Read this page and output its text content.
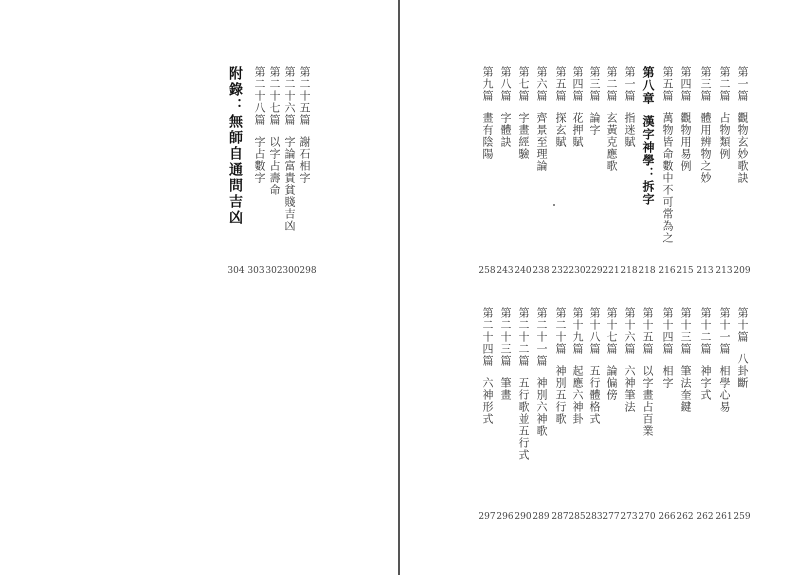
附錄：無師自通問吉凶 第二十八篇字占數字
第二十七篇以字占壽命
第二十六篇字論富貴貧賤吉凶
第二十五篇謝石相字
304 303 302 300 298
第一篇觀物玄妙歌訣
209
第二篇占物類例
213
第三篇體用辨物之妙
213
第四篇觀物用易例
215
第五篇萬物皆命數中不可常為之
216
第八章漢字神學：拆字
218
第一篇指迷賦
218
第二篇玄黃克應歌
221
第三篇論字
229
第四篇花押賦
230
第五篇探玄賦
232
第六篇齊景至理論
238
第七篇字畫經驗
240
第八篇字體訣
243
第九篇畫有陰陽
258
第十篇八卦斷
259
第十一篇相學心易
261
第十二篇神字式
262
第十三篇筆法奎鍵
262
第十四篇相字
266
第十五篇以字畫占百業
270
第十六篇六神筆法
273
第十七篇論偏傍
277
第十八篇五行體格式
283
第十九篇起應六神卦
285
第二十篇神別五行歌
287
第二十一篇神別六神歌
289
第二十二篇五行歌並五行式
290
第二十三篇筆畫
296
第二十四篇六神形式
297
